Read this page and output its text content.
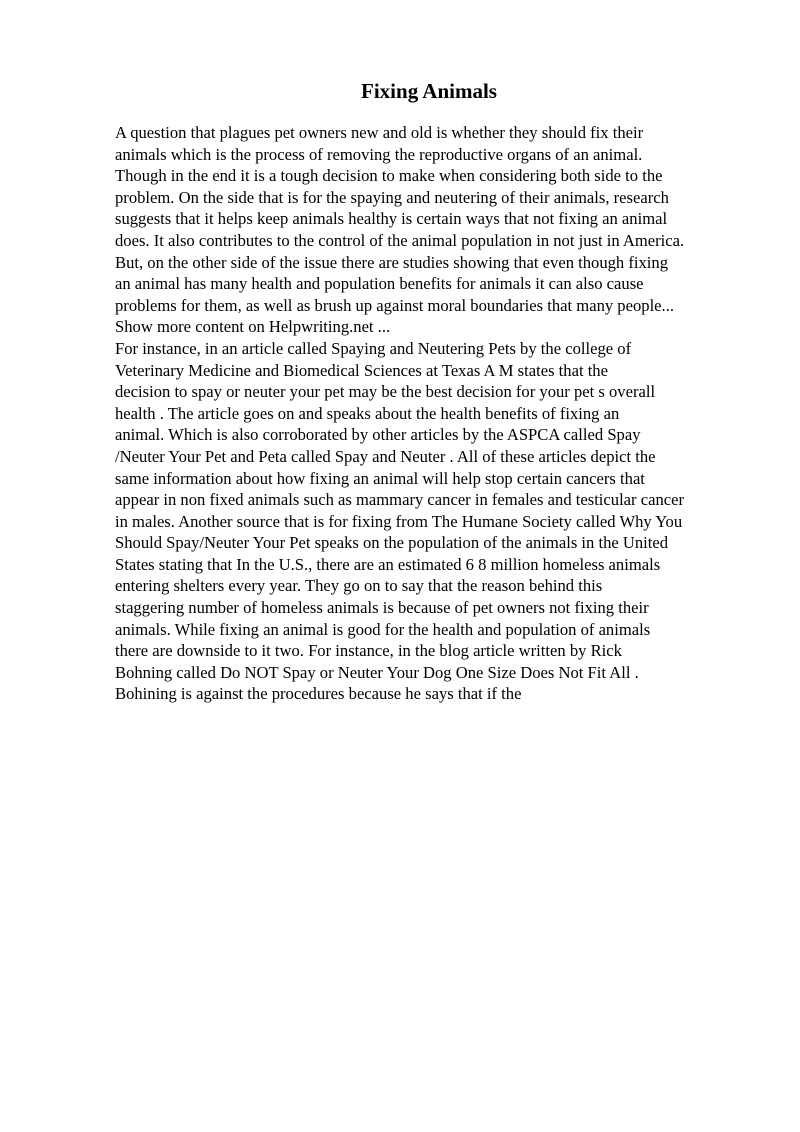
Fixing Animals
A question that plagues pet owners new and old is whether they should fix their
animals which is the process of removing the reproductive organs of an animal.
Though in the end it is a tough decision to make when considering both side to the
problem. On the side that is for the spaying and neutering of their animals, research
suggests that it helps keep animals healthy is certain ways that not fixing an animal
does. It also contributes to the control of the animal population in not just in America.
But, on the other side of the issue there are studies showing that even though fixing
an animal has many health and population benefits for animals it can also cause
problems for them, as well as brush up against moral boundaries that many people...
Show more content on Helpwriting.net ...
For instance, in an article called Spaying and Neutering Pets by the college of
Veterinary Medicine and Biomedical Sciences at Texas A M states that the
decision to spay or neuter your pet may be the best decision for your pet s overall
health . The article goes on and speaks about the health benefits of fixing an
animal. Which is also corroborated by other articles by the ASPCA called Spay
/Neuter Your Pet and Peta called Spay and Neuter . All of these articles depict the
same information about how fixing an animal will help stop certain cancers that
appear in non fixed animals such as mammary cancer in females and testicular cancer
in males. Another source that is for fixing from The Humane Society called Why You
Should Spay/Neuter Your Pet speaks on the population of the animals in the United
States stating that In the U.S., there are an estimated 6 8 million homeless animals
entering shelters every year. They go on to say that the reason behind this
staggering number of homeless animals is because of pet owners not fixing their
animals. While fixing an animal is good for the health and population of animals
there are downside to it two. For instance, in the blog article written by Rick
Bohning called Do NOT Spay or Neuter Your Dog One Size Does Not Fit All .
Bohining is against the procedures because he says that if the
